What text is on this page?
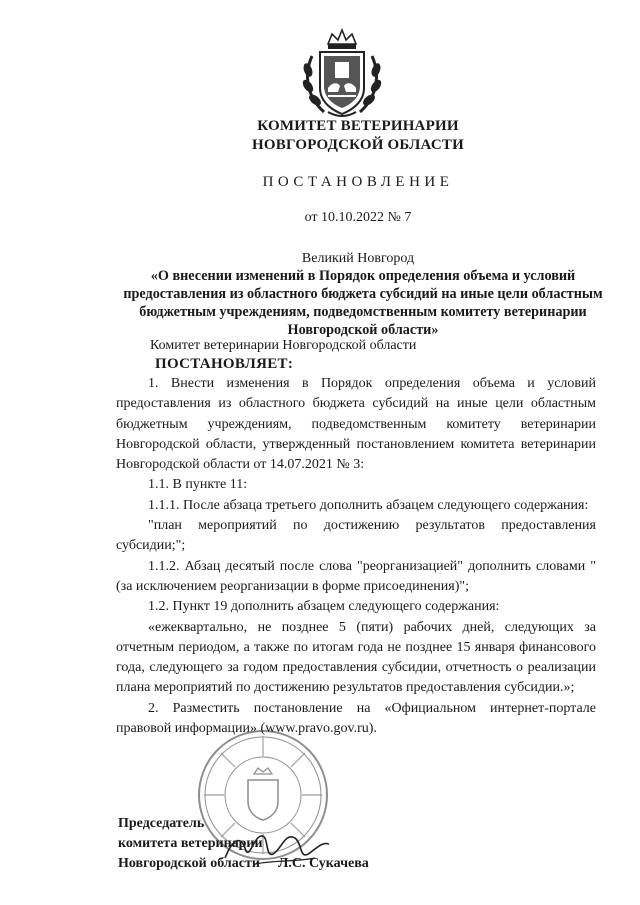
КОМИТЕТ ВЕТЕРИНАРИИ
НОВГОРОДСКОЙ ОБЛАСТИ
ПОСТАНОВЛЕНИЕ
от 10.10.2022 № 7
Великий Новгород
«О внесении изменений в Порядок определения объема и условий предоставления из областного бюджета субсидий на иные цели областным бюджетным учреждениям, подведомственным комитету ветеринарии Новгородской области»
Комитет ветеринарии Новгородской области
ПОСТАНОВЛЯЕТ:

1. Внести изменения в Порядок определения объема и условий предоставления из областного бюджета субсидий на иные цели областным бюджетным учреждениям, подведомственным комитету ветеринарии Новгородской области, утвержденный постановлением комитета ветеринарии Новгородской области от 14.07.2021 № 3:

1.1. В пункте 11:

1.1.1. После абзаца третьего дополнить абзацем следующего содержания:

"план мероприятий по достижению результатов предоставления субсидии;";

1.1.2. Абзац десятый после слова "реорганизацией" дополнить словами "(за исключением реорганизации в форме присоединения)";

1.2. Пункт 19 дополнить абзацем следующего содержания:

«ежеквартально, не позднее 5 (пяти) рабочих дней, следующих за отчетным периодом, а также по итогам года не позднее 15 января финансового года, следующего за годом предоставления субсидии, отчетность о реализации плана мероприятий по достижению результатов предоставления субсидии.»;

2. Разместить постановление на «Официальном интернет-портале правовой информации» (www.pravo.gov.ru).

Председатель
комитета ветеринарии
Новгородской области Л.С. Сукачева
